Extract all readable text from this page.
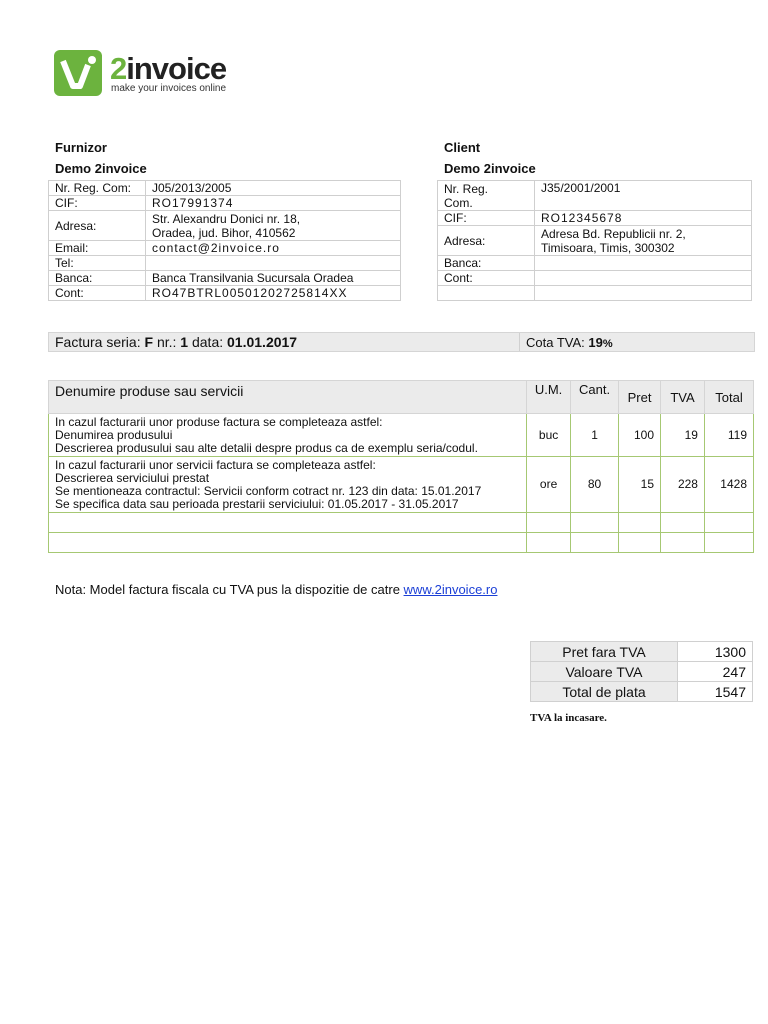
2invoice
make your invoices online
Furnizor
Demo 2invoice
Nr. Reg. Com:	J05/2013/2005
CIF:	RO17991374
Adresa:	Str. Alexandru Donici nr. 18,
Oradea, jud. Bihor, 410562

Email:	contact@2invoice.ro
Tel:	
Banca:	Banca Transilvania Sucursala Oradea
Cont:	RO47BTRL00501202725814XX
Client
Demo 2invoice
Nr. Reg.
Com.	J35/2001/2001
CIF:	RO12345678
Adresa:	Adresa Bd. Republicii nr. 2,
Timisoara, Timis, 300302

Banca:	
Cont:	

Factura seria: F nr.: 1 data: 01.01.2017	Cota TVA: 19%
Denumire produse sau servicii	U.M.	Cant.	Pret	TVA	Total

In cazul facturarii unor produse factura se completeaza astfel:
Denumirea produsului
Descrierea produsului sau alte detalii despre produs ca de exemplu seria/codul.	buc	1	100	19	119

In cazul facturarii unor servicii factura se completeaza astfel:
Descrierea serviciului prestat
Se mentioneaza contractul: Servicii conform cotract nr. 123 din data: 15.01.2017
Se specifica data sau perioada prestarii serviciului: 01.05.2017 - 31.05.2017	ore	80	15	228	1428

Nota: Model factura fiscala cu TVA pus la dispozitie de catre www.2invoice.ro
Pret fara TVA	1300
Valoare TVA	247
Total de plata	1547
TVA la incasare.
